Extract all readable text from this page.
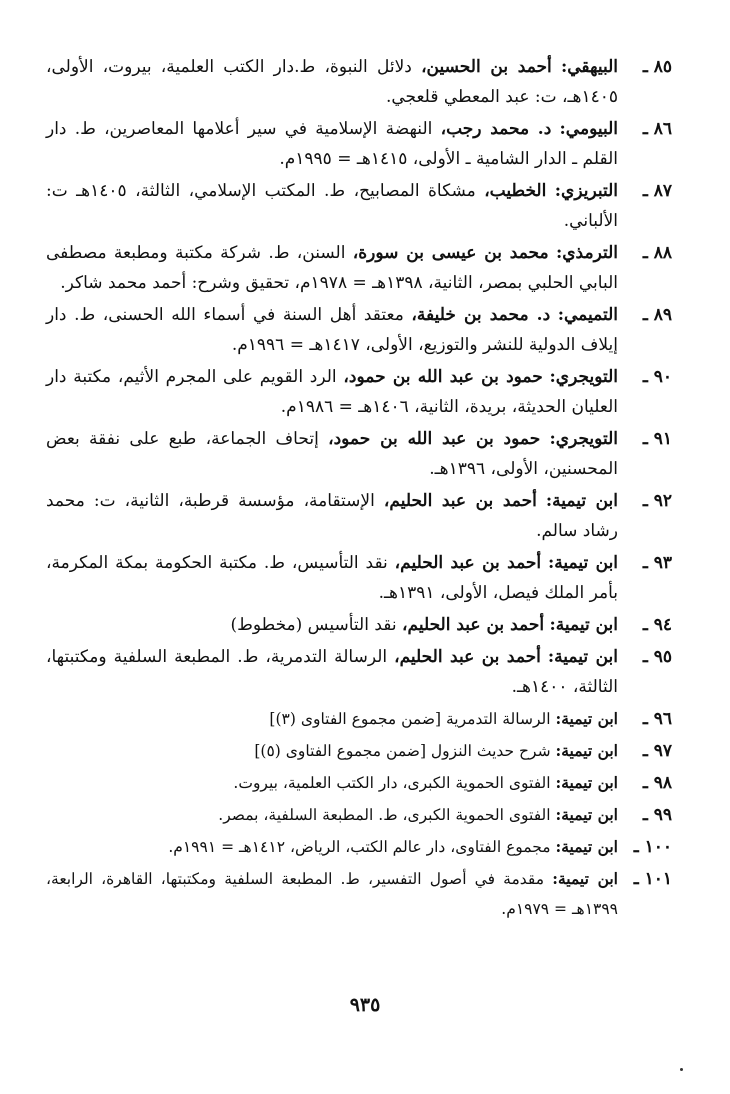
٨٥ ـ
البيهقي: أحمد بن الحسين، دلائل النبوة، ط.دار الكتب العلمية، بيروت، الأولى، ١٤٠٥هـ، ت: عبد المعطي قلعجي.
٨٦ ـ
البيومي: د. محمد رجب، النهضة الإسلامية في سير أعلامها المعاصرين، ط. دار القلم ـ الدار الشامية ـ الأولى، ١٤١٥هـ = ١٩٩٥م.
٨٧ ـ
التبريزي: الخطيب، مشكاة المصابيح، ط. المكتب الإسلامي، الثالثة، ١٤٠٥هـ ت: الألباني.
٨٨ ـ
الترمذي: محمد بن عيسى بن سورة، السنن، ط. شركة مكتبة ومطبعة مصطفى البابي الحلبي بمصر، الثانية، ١٣٩٨هـ = ١٩٧٨م، تحقيق وشرح: أحمد محمد شاكر.
٨٩ ـ
التميمي: د. محمد بن خليفة، معتقد أهل السنة في أسماء الله الحسنى، ط. دار إيلاف الدولية للنشر والتوزيع، الأولى، ١٤١٧هـ = ١٩٩٦م.
٩٠ ـ
التويجري: حمود بن عبد الله بن حمود، الرد القويم على المجرم الأثيم، مكتبة دار العليان الحديثة، بريدة، الثانية، ١٤٠٦هـ = ١٩٨٦م.
٩١ ـ
التويجري: حمود بن عبد الله بن حمود، إتحاف الجماعة، طبع على نفقة بعض المحسنين، الأولى، ١٣٩٦هـ.
٩٢ ـ
ابن تيمية: أحمد بن عبد الحليم، الإستقامة، مؤسسة قرطبة، الثانية، ت: محمد رشاد سالم.
٩٣ ـ
ابن تيمية: أحمد بن عبد الحليم، نقد التأسيس، ط. مكتبة الحكومة بمكة المكرمة، بأمر الملك فيصل، الأولى، ١٣٩١هـ.
٩٤ ـ
ابن تيمية: أحمد بن عبد الحليم، نقد التأسيس (مخطوط)
٩٥ ـ
ابن تيمية: أحمد بن عبد الحليم، الرسالة التدمرية، ط. المطبعة السلفية ومكتبتها، الثالثة، ١٤٠٠هـ.
٩٦ ـ
ابن تيمية: الرسالة التدمرية [ضمن مجموع الفتاوى (٣)]
٩٧ ـ
ابن تيمية: شرح حديث النزول [ضمن مجموع الفتاوى (٥)]
٩٨ ـ
ابن تيمية: الفتوى الحموية الكبرى، دار الكتب العلمية، بيروت.
٩٩ ـ
ابن تيمية: الفتوى الحموية الكبرى، ط. المطبعة السلفية، بمصر.
١٠٠ ـ
ابن تيمية: مجموع الفتاوى، دار عالم الكتب، الرياض، ١٤١٢هـ = ١٩٩١م.
١٠١ ـ
ابن تيمية: مقدمة في أصول التفسير، ط. المطبعة السلفية ومكتبتها، القاهرة، الرابعة، ١٣٩٩هـ = ١٩٧٩م.
٩٣٥
